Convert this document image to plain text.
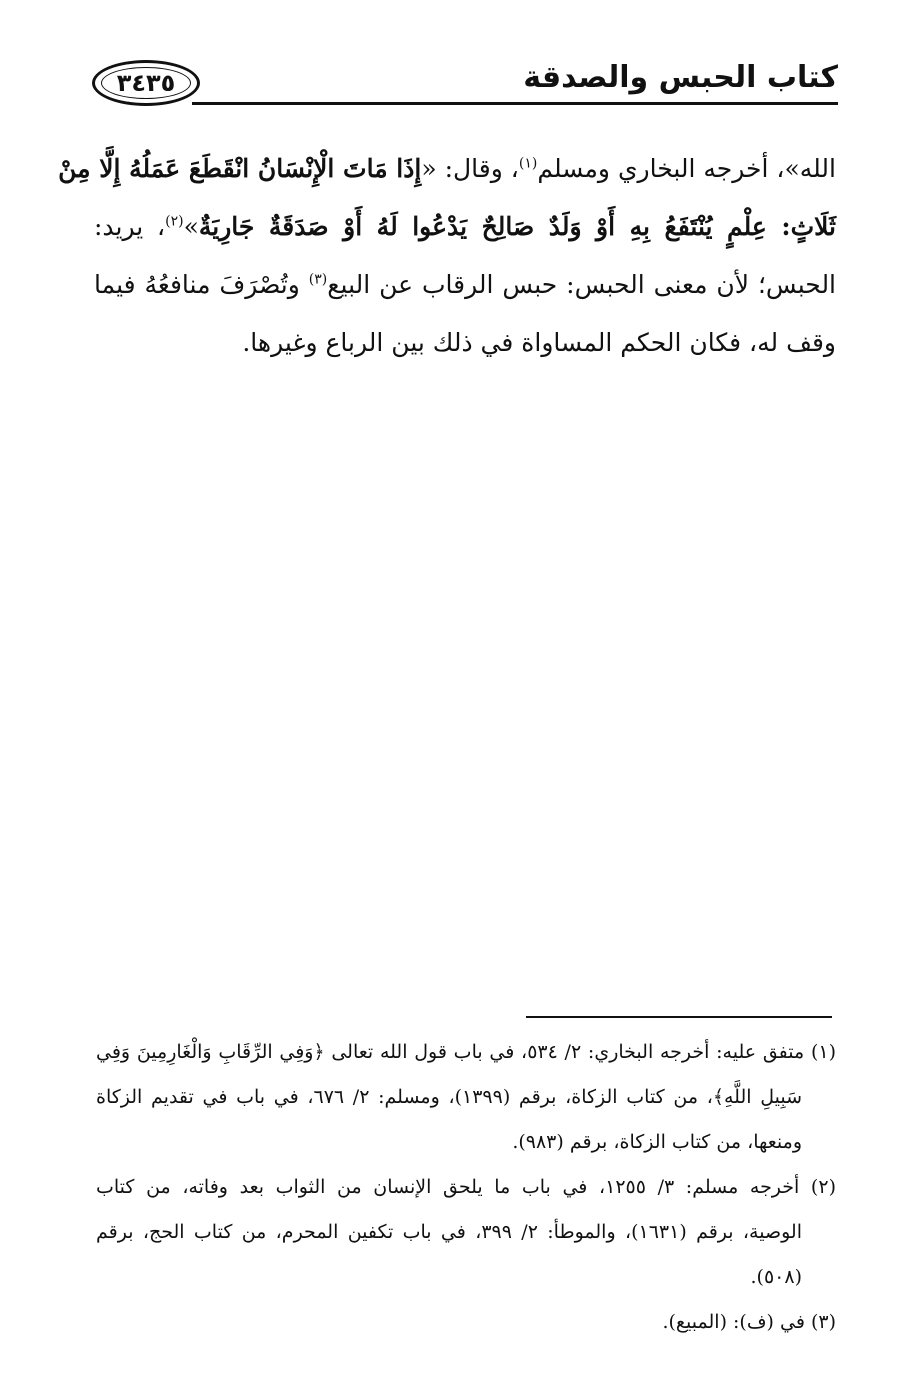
كتاب الحبس والصدقة
٣٤٣٥
الله»، أخرجه البخاري ومسلم$^{(١)}$، وقال: «إِذَا مَاتَ الْإِنْسَانُ انْقَطَعَ عَمَلُهُ إِلَّا مِنْ
ثَلَاثٍ: عِلْمٍ يُنْتَفَعُ بِهِ أَوْ وَلَدٌ صَالِحٌ يَدْعُوا لَهُ أَوْ صَدَقَةٌ جَارِيَةٌ»$^{(٢)}$، يريد:
الحبس؛ لأن معنى الحبس: حبس الرقاب عن البيع$^{(٣)}$ وتُصْرَفَ منافعُهُ فيما
وقف له، فكان الحكم المساواة في ذلك بين الرباع وغيرها.
(١) متفق عليه: أخرجه البخاري: ٢/ ٥٣٤، في باب قول الله تعالى ﴿وَفِي الرِّقَابِ وَالْغَارِمِينَ وَفِي
سَبِيلِ اللَّهِ﴾، من كتاب الزكاة، برقم (١٣٩٩)، ومسلم: ٢/ ٦٧٦، في باب في تقديم الزكاة
ومنعها، من كتاب الزكاة، برقم (٩٨٣).
(٢) أخرجه مسلم: ٣/ ١٢٥٥، في باب ما يلحق الإنسان من الثواب بعد وفاته، من كتاب
الوصية، برقم (١٦٣١)، والموطأ: ٢/ ٣٩٩، في باب تكفين المحرم، من كتاب الحج، برقم
(٥٠٨).
(٣) في (ف): (المبيع).
